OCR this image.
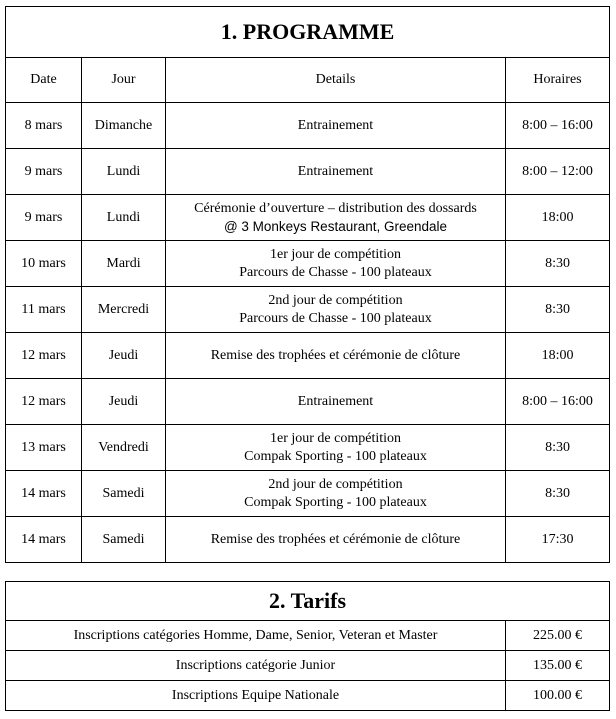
1. PROGRAMME			
Date	Jour	Details	Horaires
8 mars	Dimanche	Entrainement	8:00 – 16:00
9 mars	Lundi	Entrainement	8:00 – 12:00
9 mars	Lundi	Cérémonie d’ouverture – distribution des dossards
@ 3 Monkeys Restaurant, Greendale	18:00
10 mars	Mardi	1er jour de compétition
Parcours de Chasse - 100 plateaux	8:30
11 mars	Mercredi	2nd jour de compétition
Parcours de Chasse - 100 plateaux	8:30
12 mars	Jeudi	Remise des trophées et cérémonie de clôture	18:00
12 mars	Jeudi	Entrainement	8:00 – 16:00
13 mars	Vendredi	1er jour de compétition
Compak Sporting - 100 plateaux	8:30
14 mars	Samedi	2nd jour de compétition
Compak Sporting - 100 plateaux	8:30
14 mars	Samedi	Remise des trophées et cérémonie de clôture	17:30
2. Tarifs	
Inscriptions catégories Homme, Dame, Senior, Veteran et Master	225.00 €
Inscriptions catégorie Junior	135.00 €
Inscriptions Equipe Nationale	100.00 €
